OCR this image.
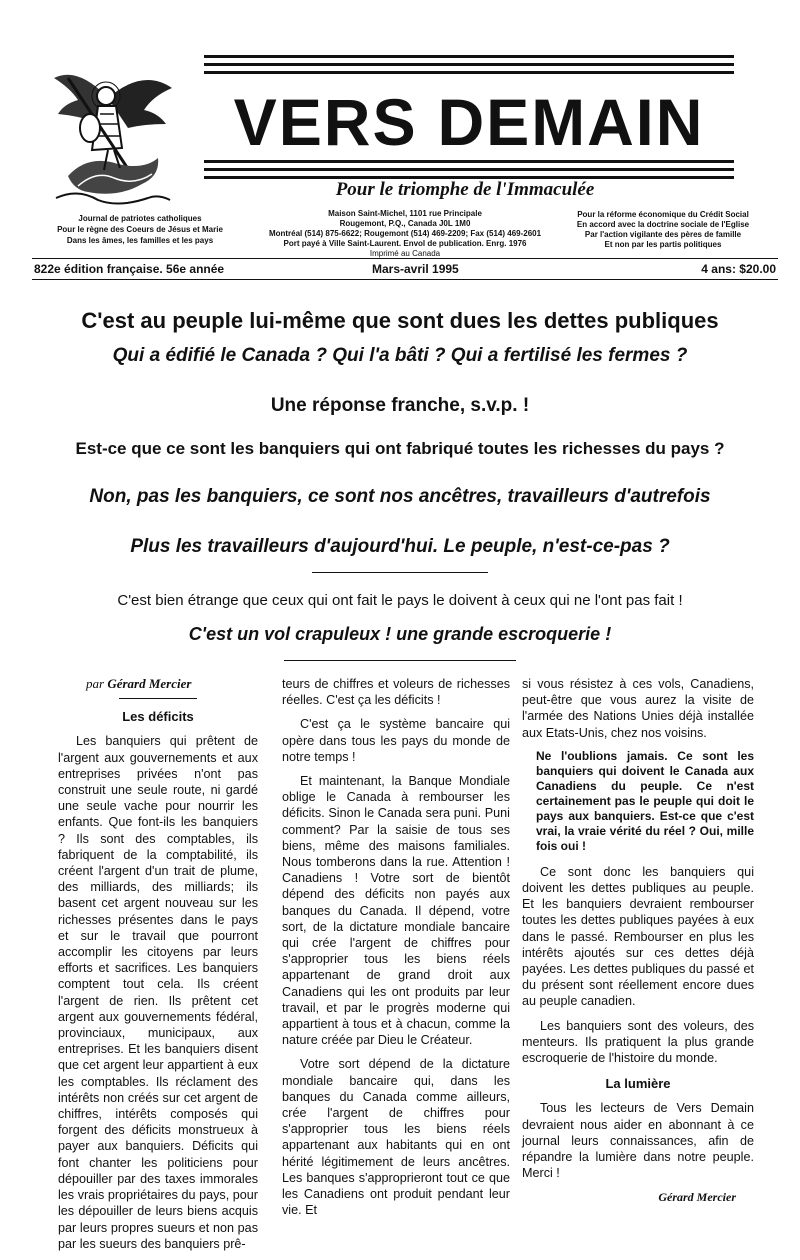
VERS DEMAIN
Pour le triomphe de l'Immaculée
Journal de patriotes catholiques
Pour le règne des Coeurs de Jésus et Marie
Dans les âmes, les familles et les pays
Maison Saint-Michel, 1101 rue Principale
Rougemont, P.Q., Canada J0L 1M0
Montréal (514) 875-6622; Rougemont (514) 469-2209; Fax (514) 469-2601
Port payé à Ville Saint-Laurent. Envol de publication. Enrg. 1976
Imprimé au Canada
Pour la réforme économique du Crédit Social
En accord avec la doctrine sociale de l'Eglise
Par l'action vigilante des pères de famille
Et non par les partis politiques
822e édition française. 56e année	Mars-avril 1995	4 ans: $20.00
C'est au peuple lui-même que sont dues les dettes publiques
Qui a édifié le Canada ? Qui l'a bâti ? Qui a fertilisé les fermes ?
Une réponse franche, s.v.p. !
Est-ce que ce sont les banquiers qui ont fabriqué toutes les richesses du pays ?
Non, pas les banquiers, ce sont nos ancêtres, travailleurs d'autrefois
Plus les travailleurs d'aujourd'hui. Le peuple, n'est-ce-pas ?
C'est bien étrange que ceux qui ont fait le pays le doivent à ceux qui ne l'ont pas fait !
C'est un vol crapuleux ! une grande escroquerie !
par Gérard Mercier
Les déficits

Les banquiers qui prêtent de l'argent aux gouvernements et aux entreprises privées n'ont pas construit une seule route, ni gardé une seule vache pour nourrir les enfants. Que font-ils les banquiers ? Ils sont des comptables, ils fabriquent de la comptabilité, ils créent l'argent d'un trait de plume, des milliards, des milliards; ils basent cet argent nouveau sur les richesses présentes dans le pays et sur le travail que pourront accomplir les citoyens par leurs efforts et sacrifices. Les banquiers comptent tout cela. Ils créent l'argent de rien. Ils prêtent cet argent aux gouvernements fédéral, provinciaux, municipaux, aux entreprises. Et les banquiers disent que cet argent leur appartient à eux les comptables. Ils réclament des intérêts non créés sur cet argent de chiffres, intérêts composés qui forgent des déficits monstrueux à payer aux banquiers. Déficits qui font chanter les politiciens pour dépouiller par des taxes immorales les vrais propriétaires du pays, pour les dépouiller de leurs biens acquis par leurs propres sueurs et non pas par les sueurs des banquiers prê-

teurs de chiffres et voleurs de richesses réelles. C'est ça les déficits !

C'est ça le système bancaire qui opère dans tous les pays du monde de notre temps !

Et maintenant, la Banque Mondiale oblige le Canada à rembourser les déficits. Sinon le Canada sera puni. Puni comment? Par la saisie de tous ses biens, même des maisons familiales. Nous tomberons dans la rue. Attention ! Canadiens ! Votre sort de bientôt dépend des déficits non payés aux banques du Canada. Il dépend, votre sort, de la dictature mondiale bancaire qui crée l'argent de chiffres pour s'approprier tous les biens réels appartenant de grand droit aux Canadiens qui les ont produits par leur travail, et par le progrès moderne qui appartient à tous et à chacun, comme la nature créée par Dieu le Créateur.

Votre sort dépend de la dictature mondiale bancaire qui, dans les banques du Canada comme ailleurs, crée l'argent de chiffres pour s'approprier tous les biens réels appartenant aux habitants qui en ont hérité légitimement de leurs ancêtres. Les banques s'approprieront tout ce que les Canadiens ont produit pendant leur vie. Et

si vous résistez à ces vols, Canadiens, peut-être que vous aurez la visite de l'armée des Nations Unies déjà installée aux Etats-Unis, chez nos voisins.

Ne l'oublions jamais. Ce sont les banquiers qui doivent le Canada aux Canadiens du peuple. Ce n'est certainement pas le peuple qui doit le pays aux banquiers. Est-ce que c'est vrai, la vraie vérité du réel ? Oui, mille fois oui !

Ce sont donc les banquiers qui doivent les dettes publiques au peuple. Et les banquiers devraient rembourser toutes les dettes publiques payées à eux dans le passé. Rembourser en plus les intérêts ajoutés sur ces dettes déjà payées. Les dettes publiques du passé et du présent sont réellement encore dues au peuple canadien.

Les banquiers sont des voleurs, des menteurs. Ils pratiquent la plus grande escroquerie de l'histoire du monde.

La lumière

Tous les lecteurs de Vers Demain devraient nous aider en abonnant à ce journal leurs connaissances, afin de répandre la lumière dans notre peuple. Merci !

Gérard Mercier
